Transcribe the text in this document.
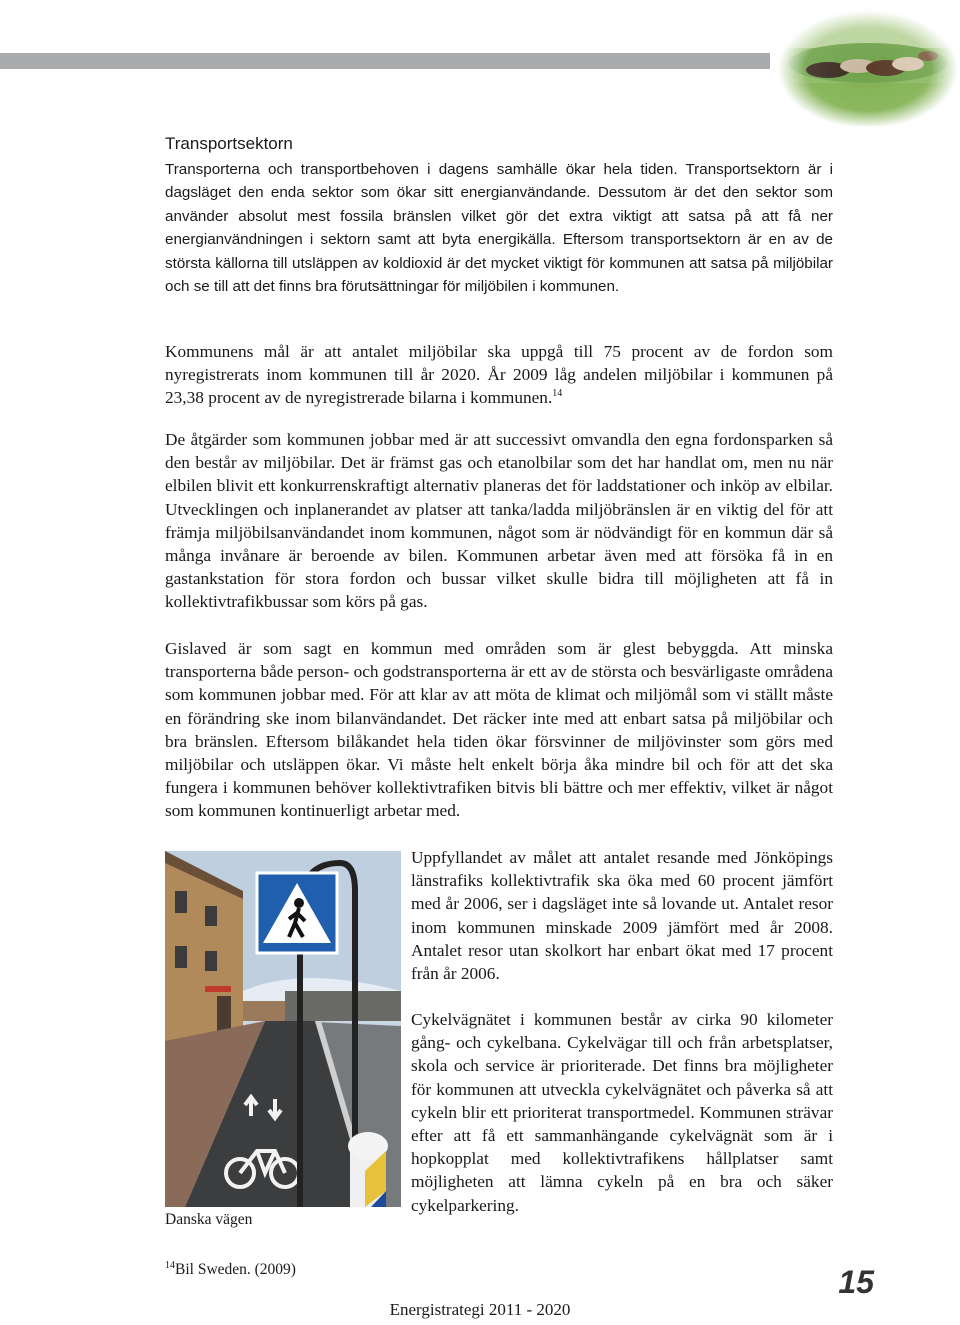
Transportsektorn

Transporterna och transportbehoven i dagens samhälle ökar hela tiden. Transportsektorn är i dagsläget den enda sektor som ökar sitt energianvändande. Dessutom är det den sektor som använder absolut mest fossila bränslen vilket gör det extra viktigt att satsa på att få ner energianvändningen i sektorn samt att byta energikälla. Eftersom transportsektorn är en av de största källorna till utsläppen av koldioxid är det mycket viktigt för kommunen att satsa på miljöbilar och se till att det finns bra förutsättningar för miljöbilen i kommunen.

Kommunens mål är att antalet miljöbilar ska uppgå till 75 procent av de fordon som nyregistrerats inom kommunen till år 2020. År 2009 låg andelen miljöbilar i kommunen på 23,38 procent av de nyregistrerade bilarna i kommunen.$^{14}$

De åtgärder som kommunen jobbar med är att successivt omvandla den egna fordonsparken så den består av miljöbilar. Det är främst gas och etanolbilar som det har handlat om, men nu när elbilen blivit ett konkurrenskraftigt alternativ planeras det för laddstationer och inköp av elbilar. Utvecklingen och inplanerandet av platser att tanka/ladda miljöbränslen är en viktig del för att främja miljöbilsanvändandet inom kommunen, något som är nödvändigt för en kommun där så många invånare är beroende av bilen. Kommunen arbetar även med att försöka få in en gastankstation för stora fordon och bussar vilket skulle bidra till möjligheten att få in kollektivtrafikbussar som körs på gas.

Gislaved är som sagt en kommun med områden som är glest bebyggda. Att minska transporterna både person- och godstransporterna är ett av de största och besvärligaste områdena som kommunen jobbar med. För att klar av att möta de klimat och miljömål som vi ställt måste en förändring ske inom bilanvändandet. Det räcker inte med att enbart satsa på miljöbilar och bra bränslen. Eftersom bilåkandet hela tiden ökar försvinner de miljövinster som görs med miljöbilar och utsläppen ökar. Vi måste helt enkelt börja åka mindre bil och för att det ska fungera i kommunen behöver kollektivtrafiken bitvis bli bättre och mer effektiv, vilket är något som kommunen kontinuerligt arbetar med.

Danska vägen

Uppfyllandet av målet att antalet resande med Jönköpings länstrafiks kollektivtrafik ska öka med 60 procent jämfört med år 2006, ser i dagsläget inte så lovande ut. Antalet resor inom kommunen minskade 2009 jämfört med år 2008. Antalet resor utan skolkort har enbart ökat med 17 procent från år 2006.

Cykelvägnätet i kommunen består av cirka 90 kilometer gång- och cykelbana. Cykelvägar till och från arbetsplatser, skola och service är prioriterade. Det finns bra möjligheter för kommunen att utveckla cykelvägnätet och påverka så att cykeln blir ett prioriterat transportmedel. Kommunen strävar efter att få ett sammanhängande cykelvägnät som är i hopkopplat med kollektivtrafikens hållplatser samt möjligheten att lämna cykeln på en bra och säker cykelparkering.

$^{14}$Bil Sweden. (2009)
Energistrategi 2011 - 2020
15
